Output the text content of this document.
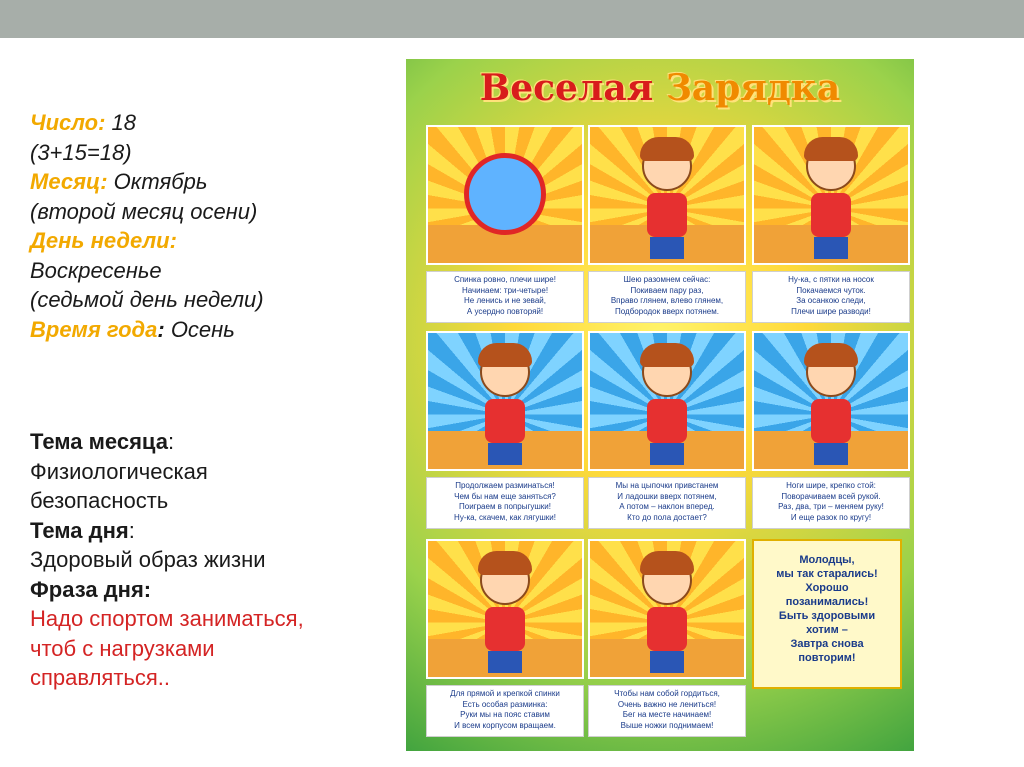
Число: 18
(3+15=18)
Месяц: Октябрь
(второй месяц осени)
День недели:
Воскресенье
(седьмой день недели)
Время года: Осень
Тема месяца:
Физиологическая
безопасность
Тема дня:
Здоровый образ жизни
Фраза дня:
Надо спортом заниматься,
чтоб с нагрузками
справляться..
Веселая Зарядка
Спинка ровно, плечи шире!
Начинаем: три-четыре!
Не ленись и не зевай,
А усердно повторяй!
Шею разомнем сейчас:
Покиваем пару раз,
Вправо глянем, влево глянем,
Подбородок вверх потянем.
Ну-ка, с пятки на носок
Покачаемся чуток.
За осанкою следи,
Плечи шире разводи!
Продолжаем разминаться!
Чем бы нам еще заняться?
Поиграем в попрыгушки!
Ну-ка, скачем, как лягушки!
Мы на цыпочки привстанем
И ладошки вверх потянем,
А потом – наклон вперед.
Кто до пола достает?
Ноги шире, крепко стой:
Поворачиваем всей рукой.
Раз, два, три – меняем руку!
И еще разок по кругу!
Для прямой и крепкой спинки
Есть особая разминка:
Руки мы на пояс ставим
И всем корпусом вращаем.
Чтобы нам собой гордиться,
Очень важно не лениться!
Бег на месте начинаем!
Выше ножки поднимаем!
Молодцы,
мы так старались!
Хорошо
позанимались!
Быть здоровыми
хотим –
Завтра снова
повторим!
